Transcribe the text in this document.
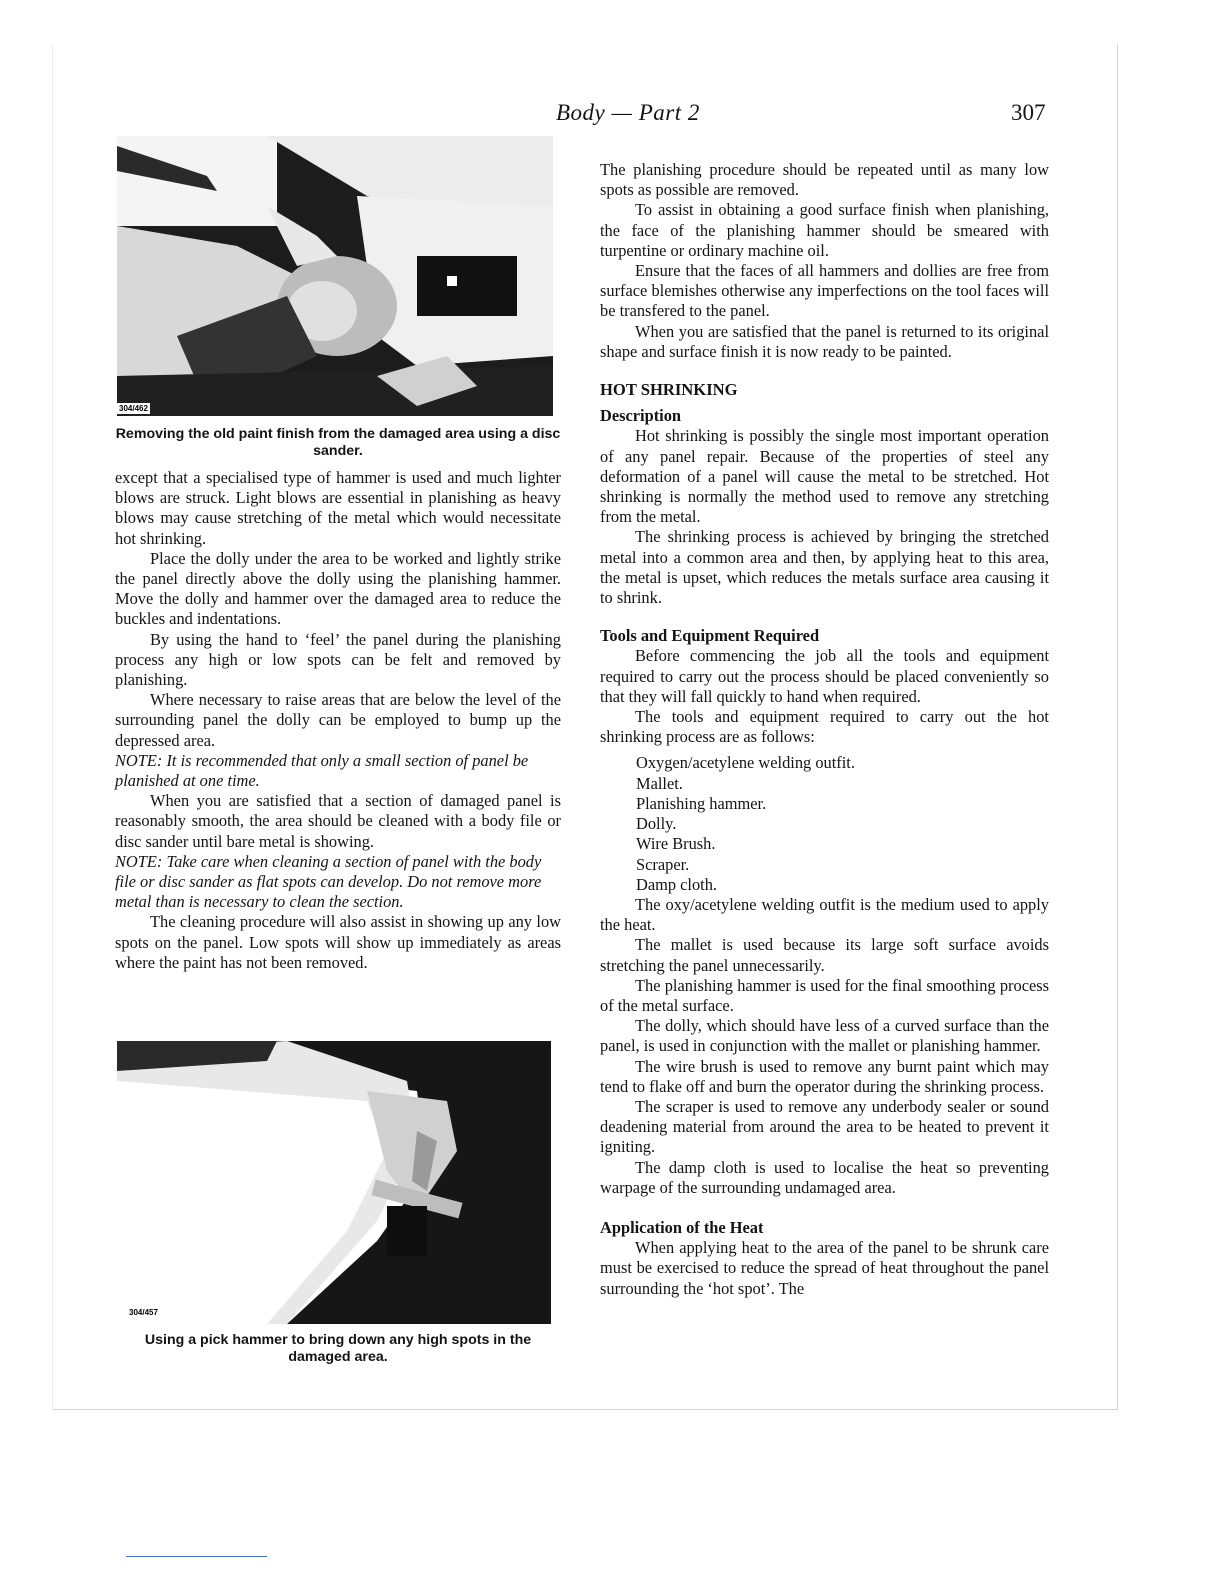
Body — Part 2	307
304/462
Removing the old paint finish from the damaged area using a disc sander.

except that a specialised type of hammer is used and much lighter blows are struck. Light blows are essential in planishing as heavy blows may cause stretching of the metal which would necessitate hot shrinking.

Place the dolly under the area to be worked and lightly strike the panel directly above the dolly using the planishing hammer. Move the dolly and hammer over the damaged area to reduce the buckles and indentations.

By using the hand to ‘feel’ the panel during the planishing process any high or low spots can be felt and removed by planishing.

Where necessary to raise areas that are below the level of the surrounding panel the dolly can be employed to bump up the depressed area.

NOTE: It is recommended that only a small section of panel be planished at one time.

When you are satisfied that a section of damaged panel is reasonably smooth, the area should be cleaned with a body file or disc sander until bare metal is showing.

NOTE: Take care when cleaning a section of panel with the body file or disc sander as flat spots can develop. Do not remove more metal than is necessary to clean the section.

The cleaning procedure will also assist in showing up any low spots on the panel. Low spots will show up immediately as areas where the paint has not been removed.

304/457
Using a pick hammer to bring down any high spots in the damaged area.

The planishing procedure should be repeated until as many low spots as possible are removed.

To assist in obtaining a good surface finish when planishing, the face of the planishing hammer should be smeared with turpentine or ordinary machine oil.

Ensure that the faces of all hammers and dollies are free from surface blemishes otherwise any imperfections on the tool faces will be transfered to the panel.

When you are satisfied that the panel is returned to its original shape and surface finish it is now ready to be painted.

HOT SHRINKING
Description

Hot shrinking is possibly the single most important operation of any panel repair. Because of the properties of steel any deformation of a panel will cause the metal to be stretched. Hot shrinking is normally the method used to remove any stretching from the metal.

The shrinking process is achieved by bringing the stretched metal into a common area and then, by applying heat to this area, the metal is upset, which reduces the metals surface area causing it to shrink.

Tools and Equipment Required

Before commencing the job all the tools and equipment required to carry out the process should be placed conveniently so that they will fall quickly to hand when required.

The tools and equipment required to carry out the hot shrinking process are as follows:

Oxygen/acetylene welding outfit.
Mallet.
Planishing hammer.
Dolly.
Wire Brush.
Scraper.
Damp cloth.

The oxy/acetylene welding outfit is the medium used to apply the heat.

The mallet is used because its large soft surface avoids stretching the panel unnecessarily.

The planishing hammer is used for the final smoothing process of the metal surface.

The dolly, which should have less of a curved surface than the panel, is used in conjunction with the mallet or planishing hammer.

The wire brush is used to remove any burnt paint which may tend to flake off and burn the operator during the shrinking process.

The scraper is used to remove any underbody sealer or sound deadening material from around the area to be heated to prevent it igniting.

The damp cloth is used to localise the heat so preventing warpage of the surrounding undamaged area.

Application of the Heat

When applying heat to the area of the panel to be shrunk care must be exercised to reduce the spread of heat throughout the panel surrounding the ‘hot spot’. The
